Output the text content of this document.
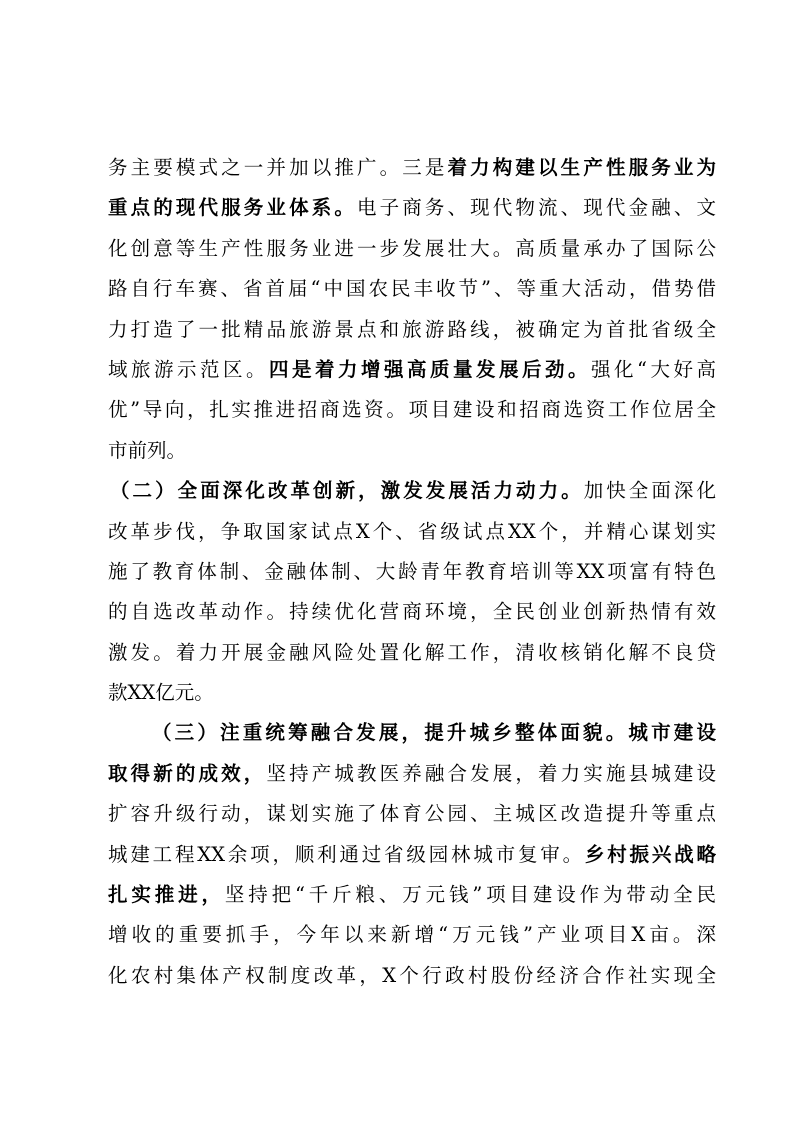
务主要模式之一并加以推广。三是着力构建以生产性服务业为
重点的现代服务业体系。电子商务、现代物流、现代金融、文
化创意等生产性服务业进一步发展壮大。高质量承办了国际公
路自行车赛、省首届“中国农民丰收节”、等重大活动，借势借
力打造了一批精品旅游景点和旅游路线，被确定为首批省级全
域旅游示范区。四是着力增强高质量发展后劲。强化“大好高
优”导向，扎实推进招商选资。项目建设和招商选资工作位居全
市前列。
（二）全面深化改革创新，激发发展活力动力。加快全面深化
改革步伐，争取国家试点X个、省级试点XX个，并精心谋划实
施了教育体制、金融体制、大龄青年教育培训等XX项富有特色
的自选改革动作。持续优化营商环境，全民创业创新热情有效
激发。着力开展金融风险处置化解工作，清收核销化解不良贷
款XX亿元。
（三）注重统筹融合发展，提升城乡整体面貌。城市建设
取得新的成效，坚持产城教医养融合发展，着力实施县城建设
扩容升级行动，谋划实施了体育公园、主城区改造提升等重点
城建工程XX余项，顺利通过省级园林城市复审。乡村振兴战略
扎实推进，坚持把“千斤粮、万元钱”项目建设作为带动全民
增收的重要抓手，今年以来新增“万元钱”产业项目X亩。深
化农村集体产权制度改革，X个行政村股份经济合作社实现全
